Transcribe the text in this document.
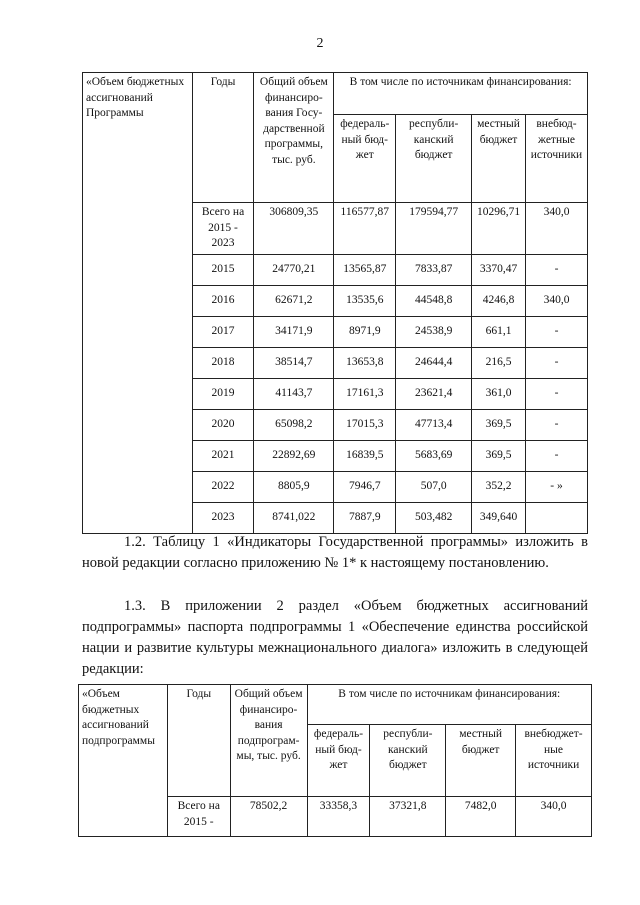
2
«Объем бюджетных ассигнований Программы	Годы	Общий объем финансиро-вания Госу-дарственной программы, тыс. руб.	В том числе по источникам финансирования:			
			федераль-ный бюд-жет	республи-канский бюджет	местный бюджет	внебюд-жетные источники
	Всего на 2015 - 2023	306809,35	116577,87	179594,77	10296,71	340,0
	2015	24770,21	13565,87	7833,87	3370,47	-
	2016	62671,2	13535,6	44548,8	4246,8	340,0
	2017	34171,9	8971,9	24538,9	661,1	-
	2018	38514,7	13653,8	24644,4	216,5	-
	2019	41143,7	17161,3	23621,4	361,0	-
	2020	65098,2	17015,3	47713,4	369,5	-
	2021	22892,69	16839,5	5683,69	369,5	-
	2022	8805,9	7946,7	507,0	352,2	- »
	2023	8741,022	7887,9	503,482	349,640	

1.2. Таблицу 1 «Индикаторы Государственной программы» изложить в новой редакции согласно приложению № 1* к настоящему постановлению.

1.3. В приложении 2 раздел «Объем бюджетных ассигнований подпрограммы» паспорта подпрограммы 1 «Обеспечение единства российской нации и развитие культуры межнационального диалога» изложить в следующей редакции:

«Объем бюджетных ассигнований подпрограммы	Годы	Общий объем финансиро-вания подпрограм-мы, тыс. руб.	В том числе по источникам финансирования:			
			федераль-ный бюд-жет	республи-канский бюджет	местный бюджет	внебюджет-ные источники
	Всего на 2015 -	78502,2	33358,3	37321,8	7482,0	340,0
